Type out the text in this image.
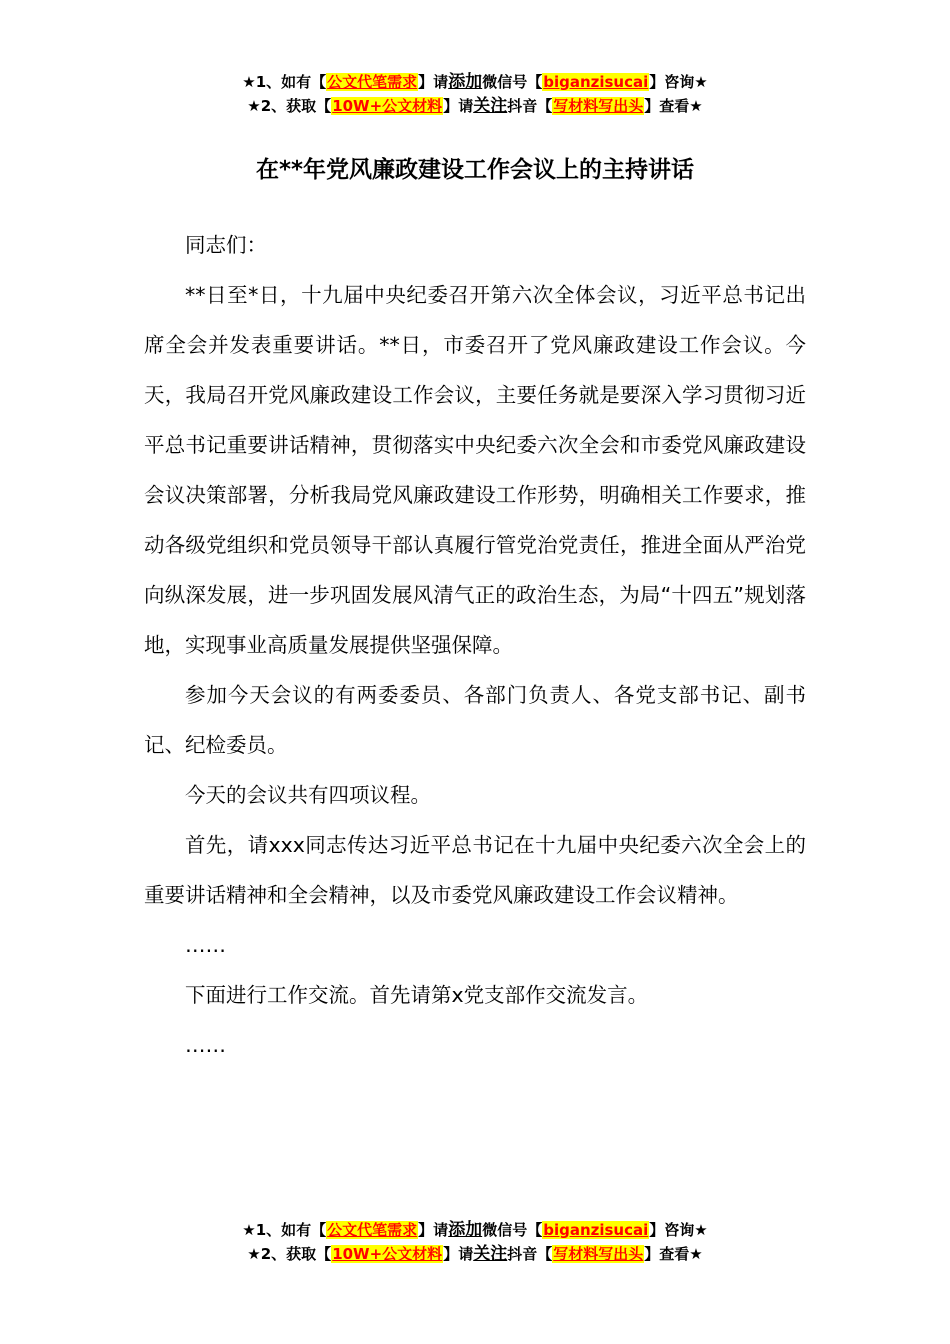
★1、如有【公文代笔需求】请添加微信号【biganzisucai】咨询★
★2、获取【10W+公文材料】请关注抖音【写材料写出头】查看★
在**年党风廉政建设工作会议上的主持讲话

同志们：

**日至*日，十九届中央纪委召开第六次全体会议，习近平总书记出席全会并发表重要讲话。**日，市委召开了党风廉政建设工作会议。今天，我局召开党风廉政建设工作会议，主要任务就是要深入学习贯彻习近平总书记重要讲话精神，贯彻落实中央纪委六次全会和市委党风廉政建设会议决策部署，分析我局党风廉政建设工作形势，明确相关工作要求，推动各级党组织和党员领导干部认真履行管党治党责任，推进全面从严治党向纵深发展，进一步巩固发展风清气正的政治生态，为局“十四五”规划落地，实现事业高质量发展提供坚强保障。

参加今天会议的有两委委员、各部门负责人、各党支部书记、副书记、纪检委员。

今天的会议共有四项议程。

首先，请xxx同志传达习近平总书记在十九届中央纪委六次全会上的重要讲话精神和全会精神，以及市委党风廉政建设工作会议精神。

……

下面进行工作交流。首先请第x党支部作交流发言。

……

★1、如有【公文代笔需求】请添加微信号【biganzisucai】咨询★
★2、获取【10W+公文材料】请关注抖音【写材料写出头】查看★
